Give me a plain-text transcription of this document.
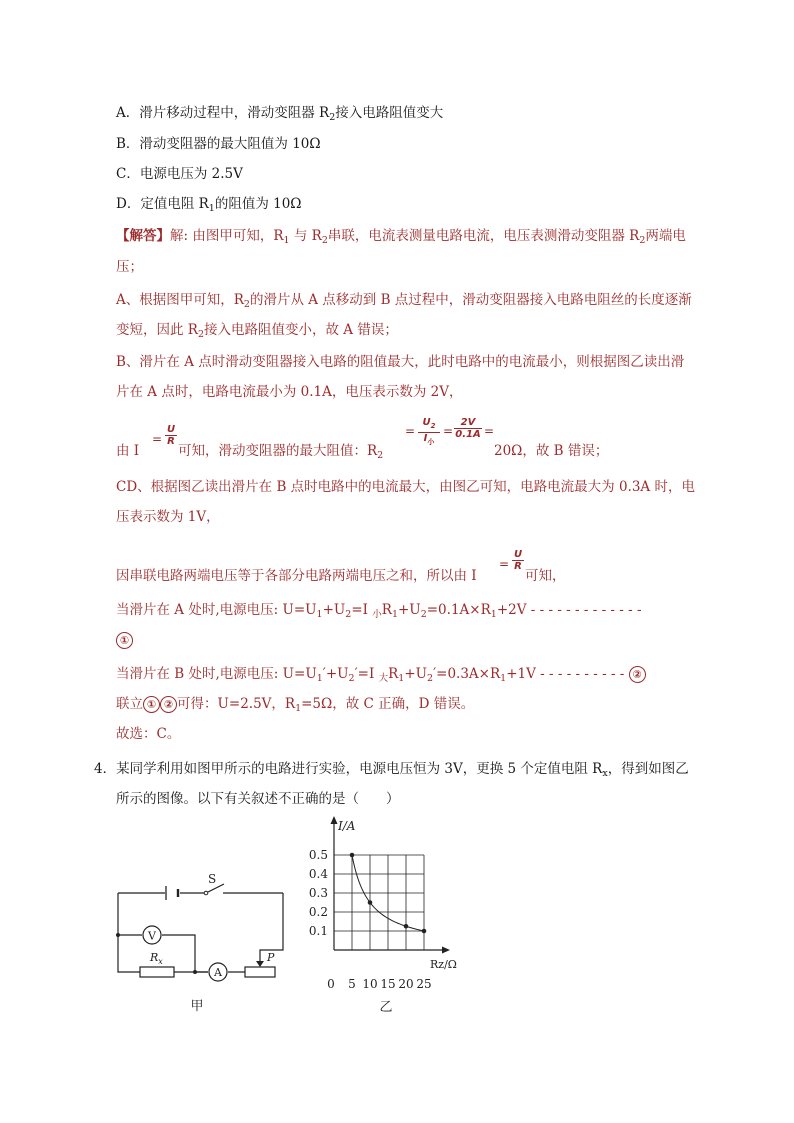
A．滑片移动过程中，滑动变阻器 $R_2$接入电路阻值变大
B．滑动变阻器的最大阻值为 10Ω
C．电源电压为 2.5V
D．定值电阻 $R_1$的阻值为 10Ω
【解答】解: 由图甲可知，$R_1$ 与 $R_2$串联，电流表测量电路电流，电压表测滑动变阻器 $R_2$两端电
压；
A、根据图甲可知，$R_2$的滑片从 A 点移动到 B 点过程中，滑动变阻器接入电路电阻丝的长度逐渐
变短，因此 $R_2$接入电路阻值变小，故 A 错误；
B、滑片在 A 点时滑动变阻器接入电路的阻值最大，此时电路中的电流最小，则根据图乙读出滑
片在 A 点时，电路电流最小为 0.1A，电压表示数为 2V，
由 I
=
U
R
可知，滑动变阻器的最大阻值：$R_2$
=
$U_2$
$I_小$
=
2V
0.1A =
20Ω，故 B 错误；
CD、根据图乙读出滑片在 B 点时电路中的电流最大，由图乙可知，电路电流最大为 0.3A 时，电
压表示数为 1V，
因串联电路两端电压等于各部分电路两端电压之和，所以由 I
=
U
R
可知，
当滑片在 A 处时,电源电压: $U=U_1+U_2=I$ $_小R_1+U_2=0.1A\times R_1+2V$ - - - - - - - - - - - - -
①
当滑片在 B 处时,电源电压: $U=U_1'+U_2'=I$ $_大R_1+U_2'=0.3A\times R_1+1V$ - - - - - - - - - - ②
联立 ① ② 可得：U=2.5V，$R_1=5\Omega$，故 C 正确，D 错误。
故选：C。
4．某同学利用如图甲所示的电路进行实验，电源电压恒为 3V，更换 5 个定值电阻 $R_x$，得到如图乙
所示的图像。以下有关叙述不正确的是（　　）
S
V
$R_x$
A
P
甲
I/A
Rz/Ω
0
0.1
0.2
0.3
0.4
0.5
5 10 15 20 25
乙
